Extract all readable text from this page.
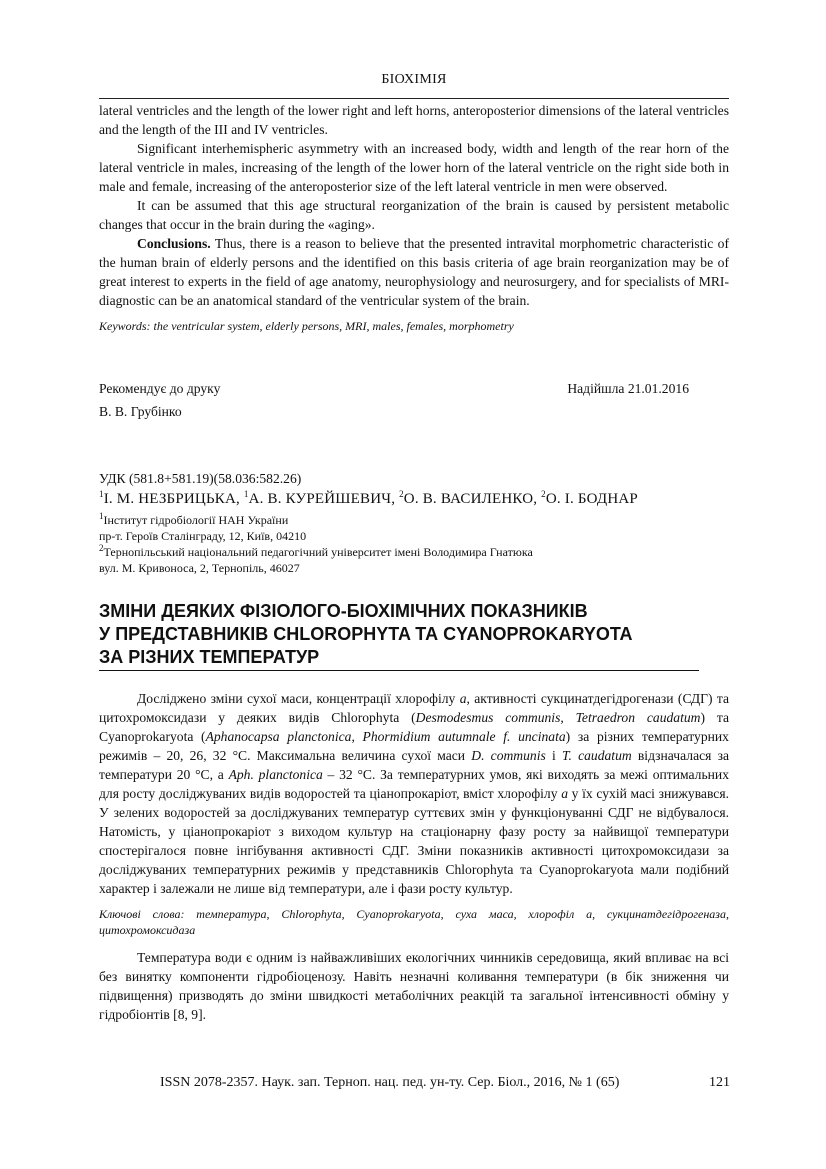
БІОХІМІЯ

lateral ventricles and the length of the lower right and left horns, anteroposterior dimensions of the lateral ventricles and the length of the III and IV ventricles.

Significant interhemispheric asymmetry with an increased body, width and length of the rear horn of the lateral ventricle in males, increasing of the length of the lower horn of the lateral ventricle on the right side both in male and female, increasing of the anteroposterior size of the left lateral ventricle in men were observed.

It can be assumed that this age structural reorganization of the brain is caused by persistent metabolic changes that occur in the brain during the «aging».

Conclusions. Thus, there is a reason to believe that the presented intravital morphometric characteristic of the human brain of elderly persons and the identified on this basis criteria of age brain reorganization may be of great interest to experts in the field of age anatomy, neurophysiology and neurosurgery, and for specialists of MRI-diagnostic can be an anatomical standard of the ventricular system of the brain.

Keywords: the ventricular system, elderly persons, MRI, males, females, morphometry

Рекомендує до друку	Надійшла 21.01.2016
В. В. Грубінко
УДК (581.8+581.19)(58.036:582.26)
$^1$І. М. НЕЗБРИЦЬКА, $^1$А. В. КУРЕЙШЕВИЧ, $^2$О. В. ВАСИЛЕНКО, $^2$О. І. БОДНАР
$^1$Інститут гідробіології НАН України
пр-т. Героїв Сталінграду, 12, Київ, 04210
$^2$Тернопільський національний педагогічний університет імені Володимира Гнатюка
вул. М. Кривоноса, 2, Тернопіль, 46027
ЗМІНИ ДЕЯКИХ ФІЗІОЛОГО-БІОХІМІЧНИХ ПОКАЗНИКІВ
У ПРЕДСТАВНИКІВ CHLOROPHYTA ТА CYANOPROKARYOTA
ЗА РІЗНИХ ТЕМПЕРАТУР

Досліджено зміни сухої маси, концентрації хлорофілу a, активності сукцинатдегідрогенази (СДГ) та цитохромоксидази у деяких видів Chlorophyta (Desmodesmus communis, Tetraedron caudatum) та Cyanoprokaryota (Aphanocapsa planctonica, Phormidium autumnale f. uncinata) за різних температурних режимів – 20, 26, 32 °С. Максимальна величина сухої маси D. communis і T. caudatum відзначалася за температури 20 °С, а Aph. planctonica – 32 °С. За температурних умов, які виходять за межі оптимальних для росту досліджуваних видів водоростей та ціанопрокаріот, вміст хлорофілу a у їх сухій масі знижувався. У зелених водоростей за досліджуваних температур суттєвих змін у функціонуванні СДГ не відбувалося. Натомість, у ціанопрокаріот з виходом культур на стаціонарну фазу росту за найвищої температури спостерігалося повне інгібування активності СДГ. Зміни показників активності цитохромоксидази за досліджуваних температурних режимів у представників Chlorophyta та Cyanoprokaryota мали подібний характер і залежали не лише від температури, але і фази росту культур.

Ключові слова: температура, Chlorophyta, Cyanoprokaryota, суха маса, хлорофіл а, сукцинатдегідрогеназа, цитохромоксидаза

Температура води є одним із найважливіших екологічних чинників середовища, який впливає на всі без винятку компоненти гідробіоценозу. Навіть незначні коливання температури (в бік зниження чи підвищення) призводять до зміни швидкості метаболічних реакцій та загальної інтенсивності обміну у гідробіонтів [8, 9].

ISSN 2078-2357. Наук. зап. Терноп. нац. пед. ун-ту. Сер. Біол., 2016, № 1 (65)	121
